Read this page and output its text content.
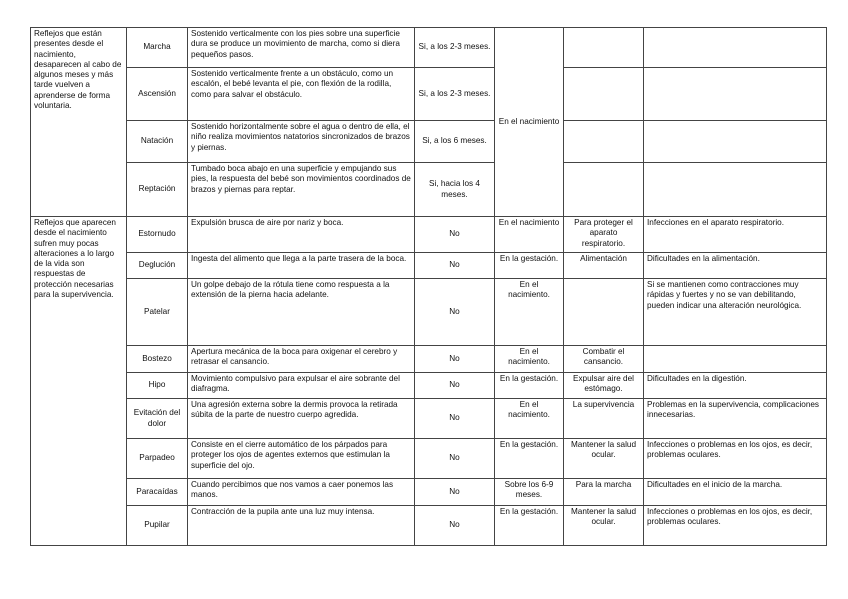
Reflejos que están presentes desde el nacimiento, desaparecen al cabo de algunos meses y más tarde vuelven a aprenderse de forma voluntaria.	Marcha	Sostenido verticalmente con los pies sobre una superficie dura se produce un movimiento de marcha, como si diera pequeños pasos.	Si, a los 2-3 meses.	En el nacimiento		
	Ascensión	Sostenido verticalmente frente a un obstáculo, como un escalón, el bebé levanta el pie, con flexión de la rodilla, como para salvar el obstáculo.	Si, a los 2-3 meses.			
	Natación	Sostenido horizontalmente sobre el agua o dentro de ella, el niño realiza movimientos natatorios sincronizados de brazos y piernas.	Si, a los 6 meses.			
	Reptación	Tumbado boca abajo en una superficie y empujando sus pies, la respuesta del bebé son movimientos coordinados de brazos y piernas para reptar.	Si, hacia los 4 meses.			
Reflejos que aparecen desde el nacimiento sufren muy pocas alteraciones a lo largo de la vida son respuestas de protección necesarias para la supervivencia.	Estornudo	Expulsión brusca de aire por nariz y boca.	No	En el nacimiento	Para proteger el aparato respiratorio.	Infecciones en el aparato respiratorio.
	Deglución	Ingesta del alimento que llega a la parte trasera de la boca.	No	En la gestación.	Alimentación	Dificultades en la alimentación.
	Patelar	Un golpe debajo de la rótula tiene como respuesta a la extensión de la pierna hacia adelante.	No	En el nacimiento.		Si se mantienen como contracciones muy rápidas y fuertes y no se van debilitando, pueden indicar una alteración neurológica.
	Bostezo	Apertura mecánica de la boca para oxigenar el cerebro y retrasar el cansancio.	No	En el nacimiento.	Combatir el cansancio.	
	Hipo	Movimiento compulsivo para expulsar el aire sobrante del diafragma.	No	En la gestación.	Expulsar aire del estómago.	Dificultades en la digestión.
	Evitación del dolor	Una agresión externa sobre la dermis provoca la retirada súbita de la parte de nuestro cuerpo agredida.	No	En el nacimiento.	La supervivencia	Problemas en la supervivencia, complicaciones innecesarias.
	Parpadeo	Consiste en el cierre automático de los párpados para proteger los ojos de agentes externos que estimulan la superficie del ojo.	No	En la gestación.	Mantener la salud ocular.	Infecciones o problemas en los ojos, es decir, problemas oculares.
	Paracaídas	Cuando percibimos que nos vamos a caer ponemos las manos.	No	Sobre los 6-9 meses.	Para la marcha	Dificultades en el inicio de la marcha.
	Pupilar	Contracción de la pupila ante una luz muy intensa.	No	En la gestación.	Mantener la salud ocular.	Infecciones o problemas en los ojos, es decir, problemas oculares.
